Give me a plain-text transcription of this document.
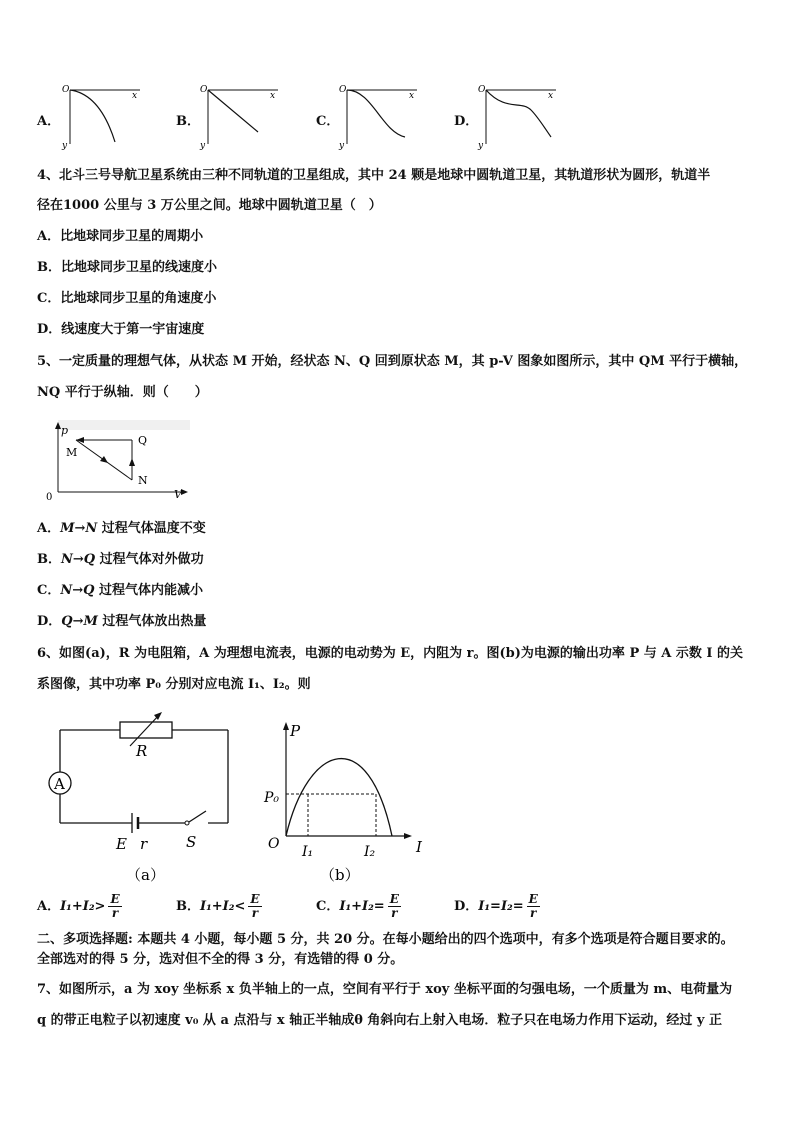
A．	B．	C．	D．
O
x
y
O
x
y
O
x
y
O
x
y
4、北斗三号导航卫星系统由三种不同轨道的卫星组成，其中 24 颗是地球中圆轨道卫星，其轨道形状为圆形，轨道半
径在1000 公里与 3 万公里之间。地球中圆轨道卫星（　）
A．比地球同步卫星的周期小
B．比地球同步卫星的线速度小
C．比地球同步卫星的角速度小
D．线速度大于第一宇宙速度
5、一定质量的理想气体，从状态 M 开始，经状态 N、Q 回到原状态 M，其 p-V 图象如图所示，其中 QM 平行于横轴，
NQ 平行于纵轴．则（　　）
p
V
0
M
Q
N
A．M→N 过程气体温度不变
B．N→Q 过程气体对外做功
C．N→Q 过程气体内能减小
D．Q→M 过程气体放出热量
6、如图(a)，R 为电阻箱，A 为理想电流表，电源的电动势为 E，内阻为 r。图(b)为电源的输出功率 P 与 A 示数 I 的关
系图像，其中功率 P₀ 分别对应电流 I₁、I₂。则
R
A
E r	S
（a）
P
P₀
O I₁	I₂	I
（b）
A．$I_1+I_2> \frac{E}{r}$	B．$I_1+I_2< \frac{E}{r}$	C．$I_1+I_2= \frac{E}{r}$	D．$I_1=I_2= \frac{E}{r}$
二、多项选择题: 本题共 4 小题，每小题 5 分，共 20 分。在每小题给出的四个选项中，有多个选项是符合题目要求的。
全部选对的得 5 分，选对但不全的得 3 分，有选错的得 0 分。
7、如图所示，a 为 xoy 坐标系 x 负半轴上的一点，空间有平行于 xoy 坐标平面的匀强电场，一个质量为 m、电荷量为
q 的带正电粒子以初速度 v₀ 从 a 点沿与 x 轴正半轴成θ 角斜向右上射入电场．粒子只在电场力作用下运动，经过 y 正
